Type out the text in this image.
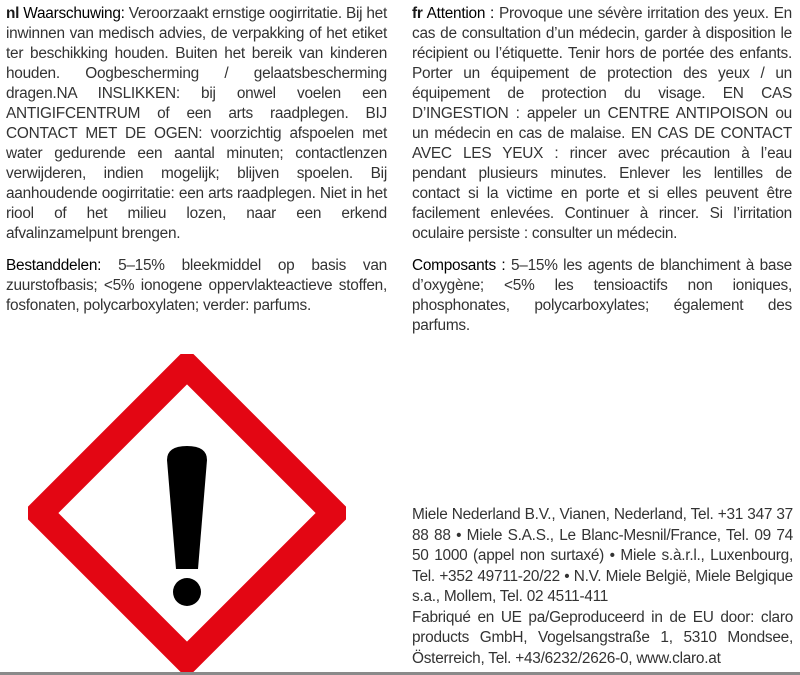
nl Waarschuwing: Veroorzaakt ernstige oogirritatie. Bij het inwinnen van medisch advies, de verpakking of het etiket ter beschikking houden. Buiten het bereik van kinderen houden. Oogbescherming / gelaatsbescherming dragen.NA INSLIKKEN: bij onwel voelen een ANTIGIFCENTRUM of een arts raadplegen. BIJ CONTACT MET DE OGEN: voorzichtig afspoelen met water gedurende een aantal minuten; contactlenzen verwijderen, indien mogelijk; blijven spoelen. Bij aanhoudende oogirritatie: een arts raadplegen. Niet in het riool of het milieu lozen, naar een erkend afvalinzamelpunt brengen.

Bestanddelen: 5–15% bleekmiddel op basis van zuurstofbasis; <5% ionogene oppervlakteactieve stoffen, fosfonaten, polycarboxylaten; verder: parfums.

fr Attention : Provoque une sévère irritation des yeux. En cas de consultation d’un médecin, garder à disposition le récipient ou l’étiquette. Tenir hors de portée des enfants. Porter un équipement de protection des yeux / un équipement de protection du visage. EN CAS D’INGESTION : appeler un CENTRE ANTIPOISON ou un médecin en cas de malaise. EN CAS DE CONTACT AVEC LES YEUX : rincer avec précaution à l’eau pendant plusieurs minutes. Enlever les lentilles de contact si la victime en porte et si elles peuvent être facilement enlevées. Continuer à rincer. Si l’irritation oculaire persiste : consulter un médecin.

Composants : 5–15% les agents de blanchiment à base d’oxygène; <5% les tensioactifs non ioniques, phosphonates, polycarboxylates; également des parfums.

Miele Nederland B.V., Vianen, Nederland, Tel. +31 347 37 88 88 • Miele S.A.S., Le Blanc-Mesnil/France, Tel. 09 74 50 1000 (appel non surtaxé) • Miele s.à.r.l., Luxenbourg, Tel. +352 49711-20/22 • N.V. Miele België, Miele Belgique s.a., Mollem, Tel. 02 4511-411

Fabriqué en UE pa/Geproduceerd in de EU door: claro products GmbH, Vogelsangstraße 1, 5310 Mondsee, Österreich, Tel. +43/6232/2626-0, www.claro.at
